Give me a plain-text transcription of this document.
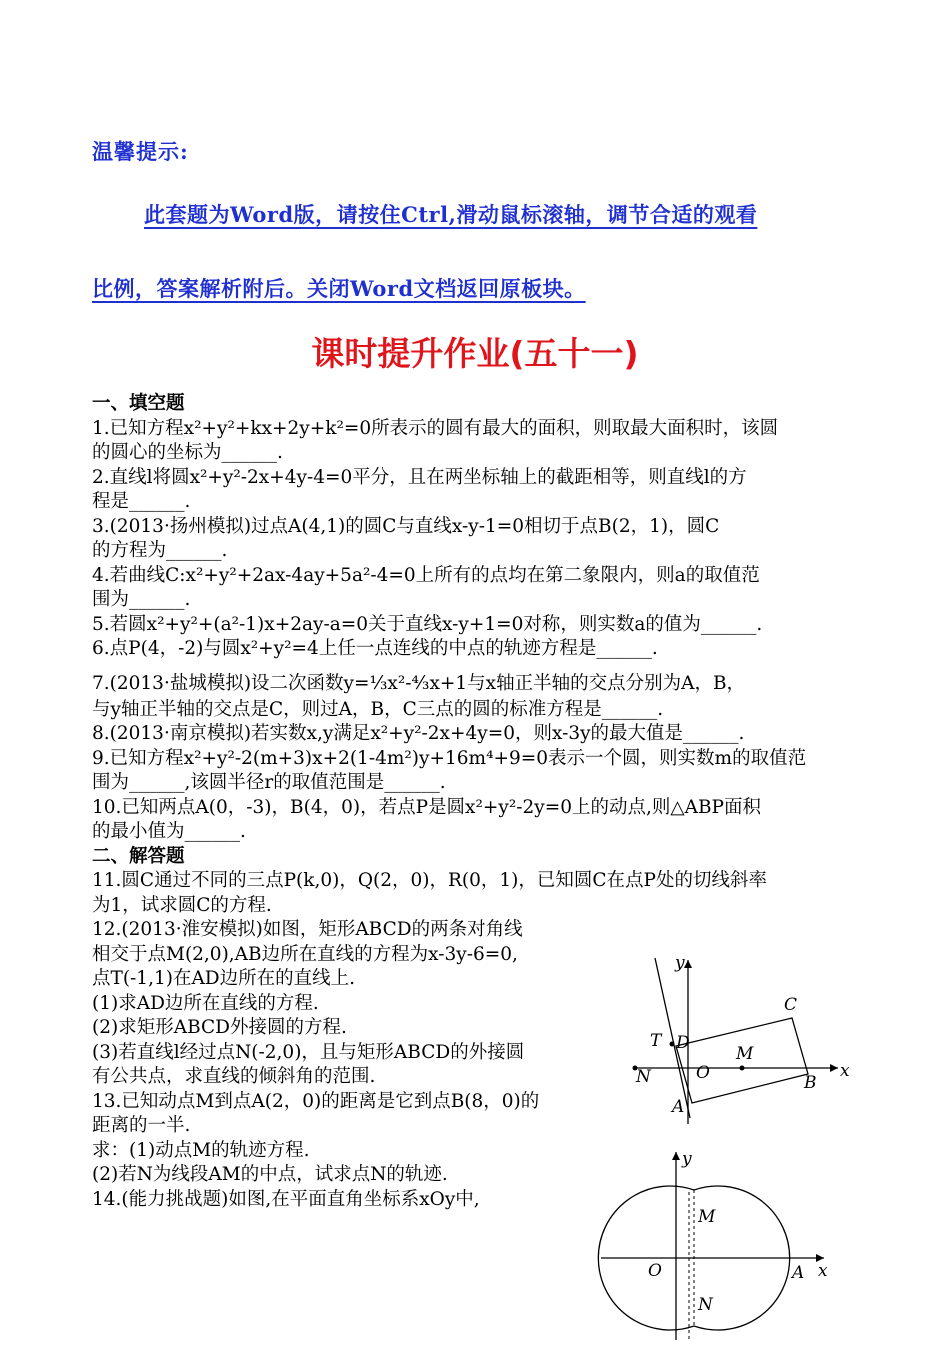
温馨提示:
此套题为Word版，请按住Ctrl,滑动鼠标滚轴，调节合适的观看
比例，答案解析附后。关闭Word文档返回原板块。
课时提升作业(五十一)

一、填空题

1.已知方程x²+y²+kx+2y+k²=0所表示的圆有最大的面积，则取最大面积时，该圆

的圆心的坐标为______.

2.直线l将圆x²+y²-2x+4y-4=0平分，且在两坐标轴上的截距相等，则直线l的方

程是______.

3.(2013·扬州模拟)过点A(4,1)的圆C与直线x-y-1=0相切于点B(2，1)，圆C

的方程为______.

4.若曲线C:x²+y²+2ax-4ay+5a²-4=0上所有的点均在第二象限内，则a的取值范

围为______.

5.若圆x²+y²+(a²-1)x+2ay-a=0关于直线x-y+1=0对称，则实数a的值为______.

6.点P(4，-2)与圆x²+y²=4上任一点连线的中点的轨迹方程是______.

7.(2013·盐城模拟)设二次函数y=⅓x²-⁴⁄₃x+1与x轴正半轴的交点分别为A，B，

与y轴正半轴的交点是C，则过A，B，C三点的圆的标准方程是______.

8.(2013·南京模拟)若实数x,y满足x²+y²-2x+4y=0，则x-3y的最大值是______.

9.已知方程x²+y²-2(m+3)x+2(1-4m²)y+16m⁴+9=0表示一个圆，则实数m的取值范

围为______,该圆半径r的取值范围是______.

10.已知两点A(0，-3)，B(4，0)，若点P是圆x²+y²-2y=0上的动点,则△ABP面积

的最小值为______.

二、解答题

11.圆C通过不同的三点P(k,0)，Q(2，0)，R(0，1)，已知圆C在点P处的切线斜率

为1，试求圆C的方程.

12.(2013·淮安模拟)如图，矩形ABCD的两条对角线

相交于点M(2,0),AB边所在直线的方程为x-3y-6=0,

点T(-1,1)在AD边所在的直线上.

(1)求AD边所在直线的方程.

(2)求矩形ABCD外接圆的方程.

(3)若直线l经过点N(-2,0)，且与矩形ABCD的外接圆

有公共点，求直线的倾斜角的范围.

13.已知动点M到点A(2，0)的距离是它到点B(8，0)的

距离的一半.

求：(1)动点M的轨迹方程.

(2)若N为线段AM的中点，试求点N的轨迹.

14.(能力挑战题)如图,在平面直角坐标系xOy中,

y
x
C
T D
M
N	O	B
A
y
x
M
O	A
N
